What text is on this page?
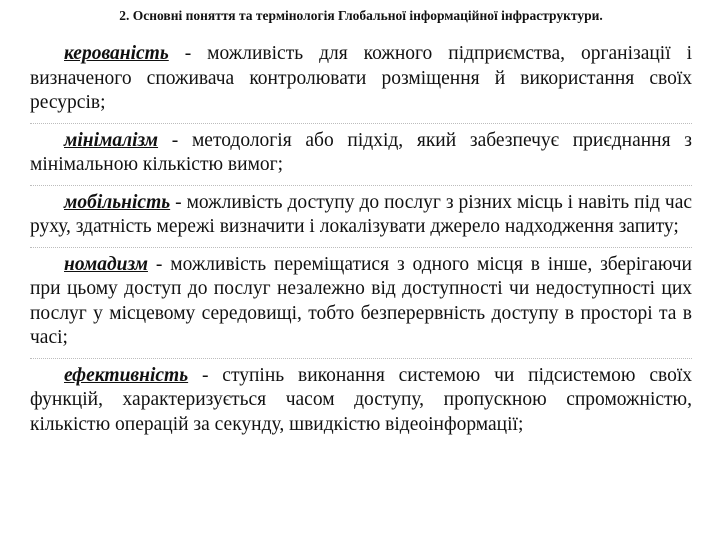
2. Основні поняття та термінологія Глобальної інформаційної інфраструктури.

керованість - можливість для кожного підприємства, організації і визначеного споживача контролювати розміщення й використання своїх ресурсів;

мінімалізм - методологія або підхід, який забезпечує приєднання з мінімальною кількістю вимог;

мобільність - можливість доступу до послуг з різних місць і навіть під час руху, здатність мережі визначити і локалізувати джерело надходження запиту;

номадизм - можливість переміщатися з одного місця в інше, зберігаючи при цьому доступ до послуг незалежно від доступності чи недоступності цих послуг у місцевому середовищі, тобто безперервність доступу в просторі та в часі;

ефективність - ступінь виконання системою чи підсистемою своїх функцій, характеризується часом доступу, пропускною спроможністю, кількістю операцій за секунду, швидкістю відеоінформації;
